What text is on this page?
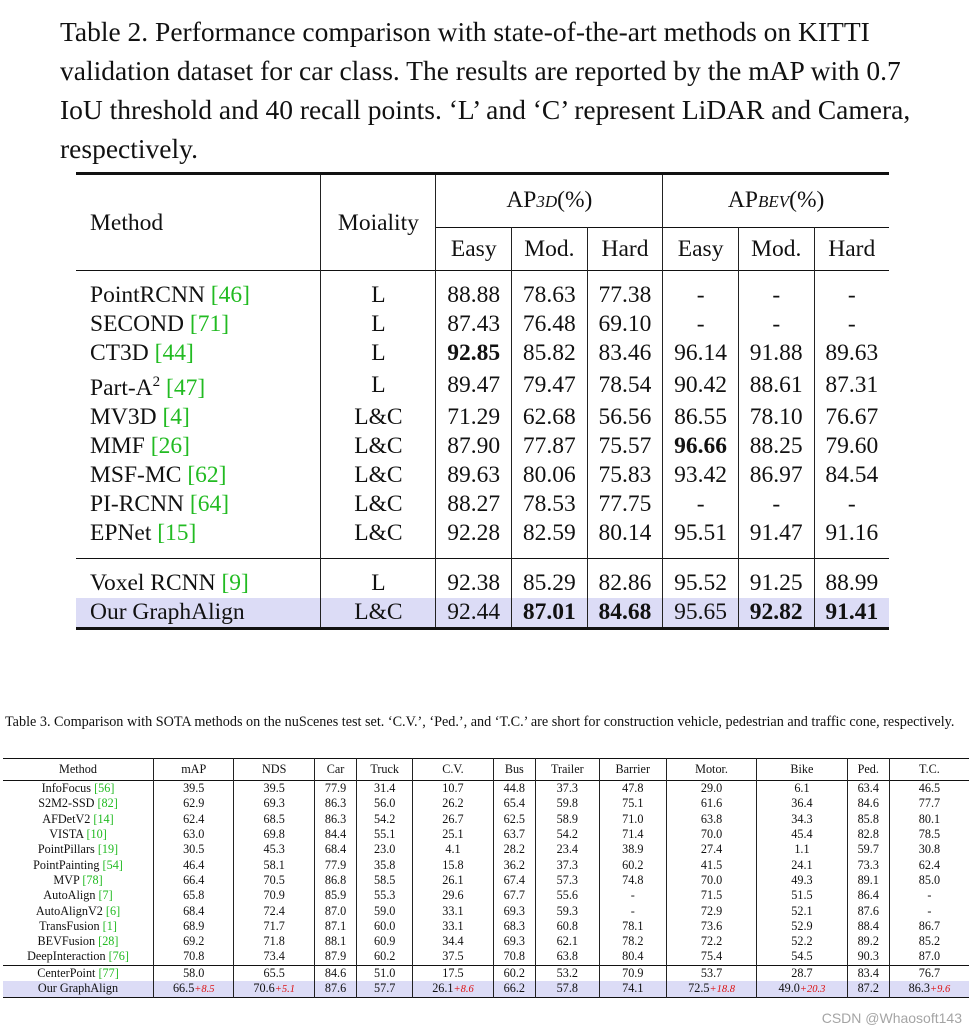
Table 2. Performance comparison with state-of-the-art methods on KITTI validation dataset for car class. The results are reported by the mAP with 0.7 IoU threshold and 40 recall points. ‘L’ and ‘C’ represent LiDAR and Camera, respectively.
Method	Moiality	AP3D(%)			APBEV(%)		
		Easy	Mod.	Hard	Easy	Mod.	Hard
PointRCNN [46]	L	88.88	78.63	77.38	-	-	-
SECOND [71]	L	87.43	76.48	69.10	-	-	-
CT3D [44]	L	92.85	85.82	83.46	96.14	91.88	89.63
Part-$A^2$ [47]	L	89.47	79.47	78.54	90.42	88.61	87.31
MV3D [4]	L&C	71.29	62.68	56.56	86.55	78.10	76.67
MMF [26]	L&C	87.90	77.87	75.57	96.66	88.25	79.60
MSF-MC [62]	L&C	89.63	80.06	75.83	93.42	86.97	84.54
PI-RCNN [64]	L&C	88.27	78.53	77.75	-	-	-
EPNet [15]	L&C	92.28	82.59	80.14	95.51	91.47	91.16
Voxel RCNN [9]	L	92.38	85.29	82.86	95.52	91.25	88.99
Our GraphAlign	L&C	92.44	87.01	84.68	95.65	92.82	91.41
Table 3. Comparison with SOTA methods on the nuScenes test set. ‘C.V.’, ‘Ped.’, and ‘T.C.’ are short for construction vehicle, pedestrian and traffic cone, respectively.
Method	mAP	NDS	Car	Truck	C.V.	Bus	Trailer	Barrier	Motor.	Bike	Ped.	T.C.
InfoFocus [56]	39.5	39.5	77.9	31.4	10.7	44.8	37.3	47.8	29.0	6.1	63.4	46.5
S2M2-SSD [82]	62.9	69.3	86.3	56.0	26.2	65.4	59.8	75.1	61.6	36.4	84.6	77.7
AFDetV2 [14]	62.4	68.5	86.3	54.2	26.7	62.5	58.9	71.0	63.8	34.3	85.8	80.1
VISTA [10]	63.0	69.8	84.4	55.1	25.1	63.7	54.2	71.4	70.0	45.4	82.8	78.5
PointPillars [19]	30.5	45.3	68.4	23.0	4.1	28.2	23.4	38.9	27.4	1.1	59.7	30.8
PointPainting [54]	46.4	58.1	77.9	35.8	15.8	36.2	37.3	60.2	41.5	24.1	73.3	62.4
MVP [78]	66.4	70.5	86.8	58.5	26.1	67.4	57.3	74.8	70.0	49.3	89.1	85.0
AutoAlign [7]	65.8	70.9	85.9	55.3	29.6	67.7	55.6	-	71.5	51.5	86.4	-
AutoAlignV2 [6]	68.4	72.4	87.0	59.0	33.1	69.3	59.3	-	72.9	52.1	87.6	-
TransFusion [1]	68.9	71.7	87.1	60.0	33.1	68.3	60.8	78.1	73.6	52.9	88.4	86.7
BEVFusion [28]	69.2	71.8	88.1	60.9	34.4	69.3	62.1	78.2	72.2	52.2	89.2	85.2
DeepInteraction [76]	70.8	73.4	87.9	60.2	37.5	70.8	63.8	80.4	75.4	54.5	90.3	87.0
CenterPoint [77]	58.0	65.5	84.6	51.0	17.5	60.2	53.2	70.9	53.7	28.7	83.4	76.7
Our GraphAlign	66.5+8.5	70.6+5.1	87.6	57.7	26.1+8.6	66.2	57.8	74.1	72.5+18.8	49.0+20.3	87.2	86.3+9.6
CSDN @Whaosoft143
